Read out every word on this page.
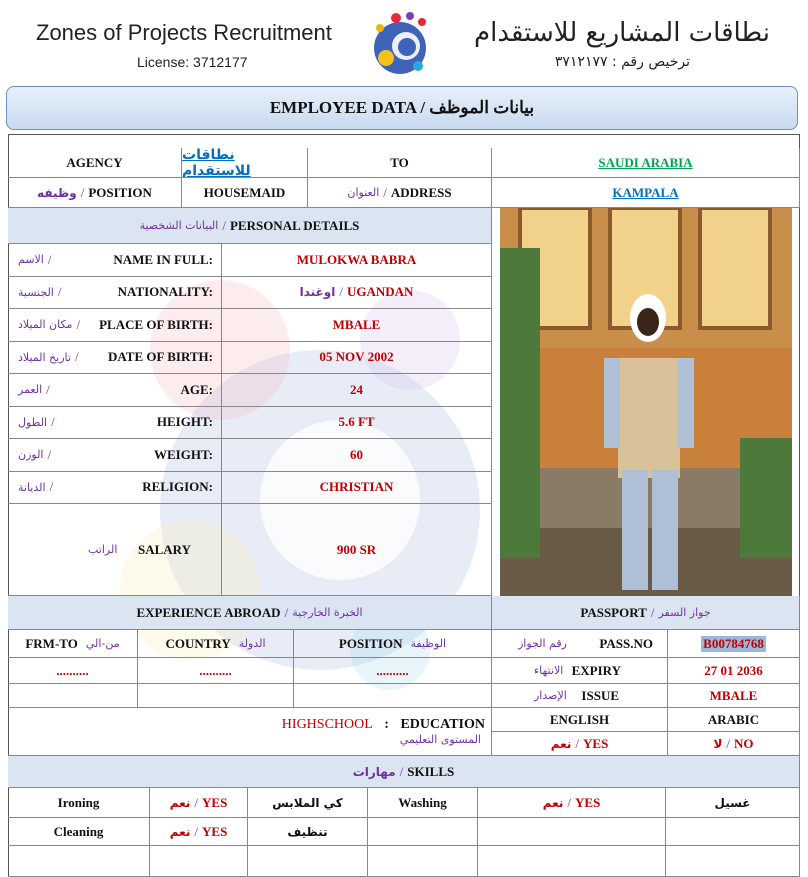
Zones of Projects Recruitment
License: 3712177
نطاقات المشاريع للاستقدام
ترخيص رقم : ٣٧١٢١٧٧
EMPLOYEE DATA / بيانات الموظف
AGENCY	نطاقات للاستقدام
TO	SAUDI ARABIA
وظيفه / POSITION	HOUSEMAID	العنوان / ADDRESS	KAMPALA
البيانات الشخصية / PERSONAL DETAILS
الاسم /	NAME IN FULL:	MULOKWA BABRA
الجنسية /	NATIONALITY:	اوغندا / UGANDAN
مكان الميلاد / PLACE OF BIRTH:	MBALE
تاريخ الميلاد / DATE OF BIRTH:	05 NOV 2002
العمر /	AGE:	24
الطول /	HEIGHT:	5.6 FT
الوزن /	WEIGHT:	60
الديانة /	RELIGION:	CHRISTIAN
الراتب SALARY	900 SR
EXPERIENCE ABROAD / الخبرة الخارجية	PASSPORT / جواز السفر
FRM-TO من-الي	COUNTRY الدولة	POSITION الوظيفة
..........	..........	..........
HIGHSCHOOL : EDUCATION
المستوى التعليمي
رقم الجواز PASS.NO	B00784768
الانتهاء EXPIRY	27 01 2036
الإصدار ISSUE	MBALE
ENGLISH	ARABIC
نعم / YES	لا / NO
مهارات / SKILLS
Ironing	نعم / YES	كي الملابس	Washing	نعم / YES	غسيل
Cleaning	نعم / YES	تنظيف
